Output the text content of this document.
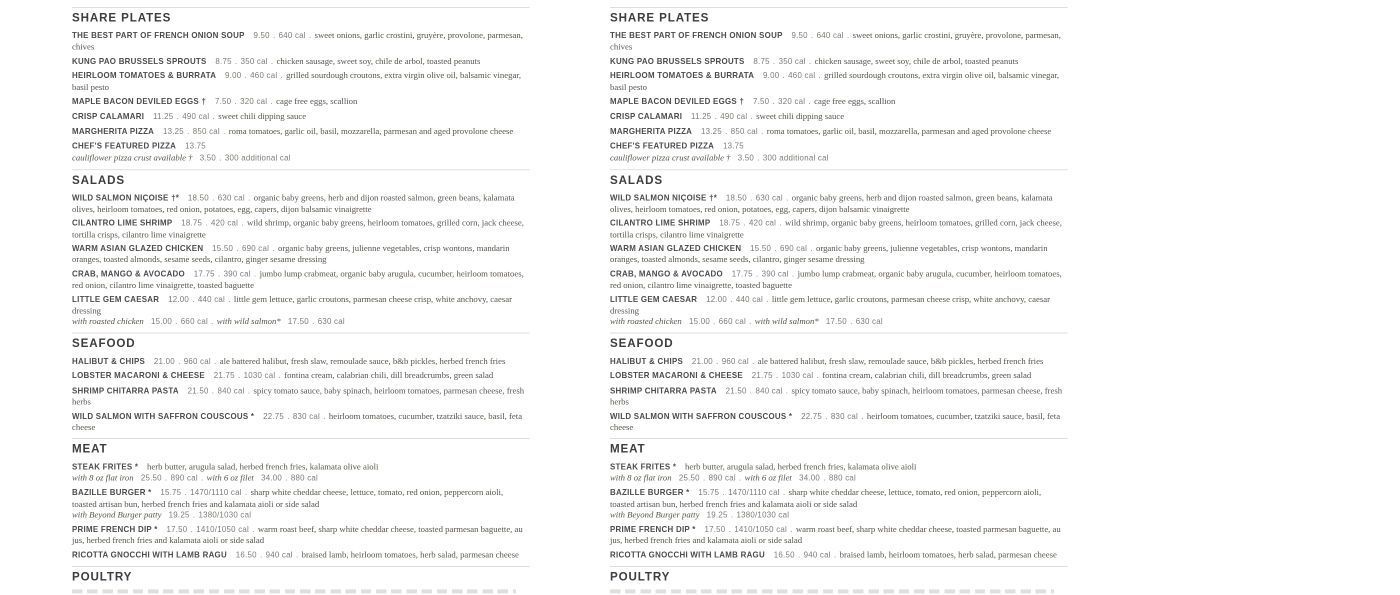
SHARE PLATES
THE BEST PART OF FRENCH ONION SOUP 9.50 . 640 cal . sweet onions, garlic crostini, gruyère, provolone, parmesan, chives
KUNG PAO BRUSSELS SPROUTS 8.75 . 350 cal . chicken sausage, sweet soy, chile de arbol, toasted peanuts
HEIRLOOM TOMATOES & BURRATA 9.00 . 460 cal . grilled sourdough croutons, extra virgin olive oil, balsamic vinegar, basil pesto
MAPLE BACON DEVILED EGGS † 7.50 . 320 cal . cage free eggs, scallion
CRISP CALAMARI 11.25 . 490 cal . sweet chili dipping sauce
MARGHERITA PIZZA 13.25 . 850 cal . roma tomatoes, garlic oil, basil, mozzarella, parmesan and aged provolone cheese
CHEF'S FEATURED PIZZA 13.75
cauliflower pizza crust available † 3.50 . 300 additional cal
SALADS
WILD SALMON NIÇOISE †* 18.50 . 630 cal . organic baby greens, herb and dijon roasted salmon, green beans, kalamata olives, heirloom tomatoes, red onion, potatoes, egg, capers, dijon balsamic vinaigrette
CILANTRO LIME SHRIMP 18.75 . 420 cal . wild shrimp, organic baby greens, heirloom tomatoes, grilled corn, jack cheese, tortilla crisps, cilantro lime vinaigrette
WARM ASIAN GLAZED CHICKEN 15.50 . 690 cal . organic baby greens, julienne vegetables, crisp wontons, mandarin oranges, toasted almonds, sesame seeds, cilantro, ginger sesame dressing
CRAB, MANGO & AVOCADO 17.75 . 390 cal . jumbo lump crabmeat, organic baby arugula, cucumber, heirloom tomatoes, red onion, cilantro lime vinaigrette, toasted baguette
LITTLE GEM CAESAR 12.00 . 440 cal . little gem lettuce, garlic croutons, parmesan cheese crisp, white anchovy, caesar dressing
with roasted chicken 15.00 . 660 cal . with wild salmon* 17.50 . 630 cal
SEAFOOD
HALIBUT & CHIPS 21.00 . 960 cal . ale battered halibut, fresh slaw, remoulade sauce, b&b pickles, herbed french fries
LOBSTER MACARONI & CHEESE 21.75 . 1030 cal . fontina cream, calabrian chili, dill breadcrumbs, green salad
SHRIMP CHITARRA PASTA 21.50 . 840 cal . spicy tomato sauce, baby spinach, heirloom tomatoes, parmesan cheese, fresh herbs
WILD SALMON WITH SAFFRON COUSCOUS * 22.75 . 830 cal . heirloom tomatoes, cucumber, tzatziki sauce, basil, feta cheese
MEAT
STEAK FRITES * herb butter, arugula salad, herbed french fries, kalamata olive aioli
with 8 oz flat iron 25.50 . 890 cal . with 6 oz filet 34.00 . 880 cal
BAZILLE BURGER * 15.75 . 1470/1110 cal . sharp white cheddar cheese, lettuce, tomato, red onion, peppercorn aioli, toasted artisan bun, herbed french fries and kalamata aioli or side salad
with Beyond Burger patty 19.25 . 1380/1030 cal
PRIME FRENCH DIP * 17.50 . 1410/1050 cal . warm roast beef, sharp white cheddar cheese, toasted parmesan baguette, au jus, herbed french fries and kalamata aioli or side salad
RICOTTA GNOCCHI WITH LAMB RAGU 16.50 . 940 cal . braised lamb, heirloom tomatoes, herb salad, parmesan cheese
POULTRY
SHARE PLATES
THE BEST PART OF FRENCH ONION SOUP 9.50 . 640 cal . sweet onions, garlic crostini, gruyère, provolone, parmesan, chives
KUNG PAO BRUSSELS SPROUTS 8.75 . 350 cal . chicken sausage, sweet soy, chile de arbol, toasted peanuts
HEIRLOOM TOMATOES & BURRATA 9.00 . 460 cal . grilled sourdough croutons, extra virgin olive oil, balsamic vinegar, basil pesto
MAPLE BACON DEVILED EGGS † 7.50 . 320 cal . cage free eggs, scallion
CRISP CALAMARI 11.25 . 490 cal . sweet chili dipping sauce
MARGHERITA PIZZA 13.25 . 850 cal . roma tomatoes, garlic oil, basil, mozzarella, parmesan and aged provolone cheese
CHEF'S FEATURED PIZZA 13.75
cauliflower pizza crust available † 3.50 . 300 additional cal
SALADS
WILD SALMON NIÇOISE †* 18.50 . 630 cal . organic baby greens, herb and dijon roasted salmon, green beans, kalamata olives, heirloom tomatoes, red onion, potatoes, egg, capers, dijon balsamic vinaigrette
CILANTRO LIME SHRIMP 18.75 . 420 cal . wild shrimp, organic baby greens, heirloom tomatoes, grilled corn, jack cheese, tortilla crisps, cilantro lime vinaigrette
WARM ASIAN GLAZED CHICKEN 15.50 . 690 cal . organic baby greens, julienne vegetables, crisp wontons, mandarin oranges, toasted almonds, sesame seeds, cilantro, ginger sesame dressing
CRAB, MANGO & AVOCADO 17.75 . 390 cal . jumbo lump crabmeat, organic baby arugula, cucumber, heirloom tomatoes, red onion, cilantro lime vinaigrette, toasted baguette
LITTLE GEM CAESAR 12.00 . 440 cal . little gem lettuce, garlic croutons, parmesan cheese crisp, white anchovy, caesar dressing
with roasted chicken 15.00 . 660 cal . with wild salmon* 17.50 . 630 cal
SEAFOOD
HALIBUT & CHIPS 21.00 . 960 cal . ale battered halibut, fresh slaw, remoulade sauce, b&b pickles, herbed french fries
LOBSTER MACARONI & CHEESE 21.75 . 1030 cal . fontina cream, calabrian chili, dill breadcrumbs, green salad
SHRIMP CHITARRA PASTA 21.50 . 840 cal . spicy tomato sauce, baby spinach, heirloom tomatoes, parmesan cheese, fresh herbs
WILD SALMON WITH SAFFRON COUSCOUS * 22.75 . 830 cal . heirloom tomatoes, cucumber, tzatziki sauce, basil, feta cheese
MEAT
STEAK FRITES * herb butter, arugula salad, herbed french fries, kalamata olive aioli
with 8 oz flat iron 25.50 . 890 cal . with 6 oz filet 34.00 . 880 cal
BAZILLE BURGER * 15.75 . 1470/1110 cal . sharp white cheddar cheese, lettuce, tomato, red onion, peppercorn aioli, toasted artisan bun, herbed french fries and kalamata aioli or side salad
with Beyond Burger patty 19.25 . 1380/1030 cal
PRIME FRENCH DIP * 17.50 . 1410/1050 cal . warm roast beef, sharp white cheddar cheese, toasted parmesan baguette, au jus, herbed french fries and kalamata aioli or side salad
RICOTTA GNOCCHI WITH LAMB RAGU 16.50 . 940 cal . braised lamb, heirloom tomatoes, herb salad, parmesan cheese
POULTRY
